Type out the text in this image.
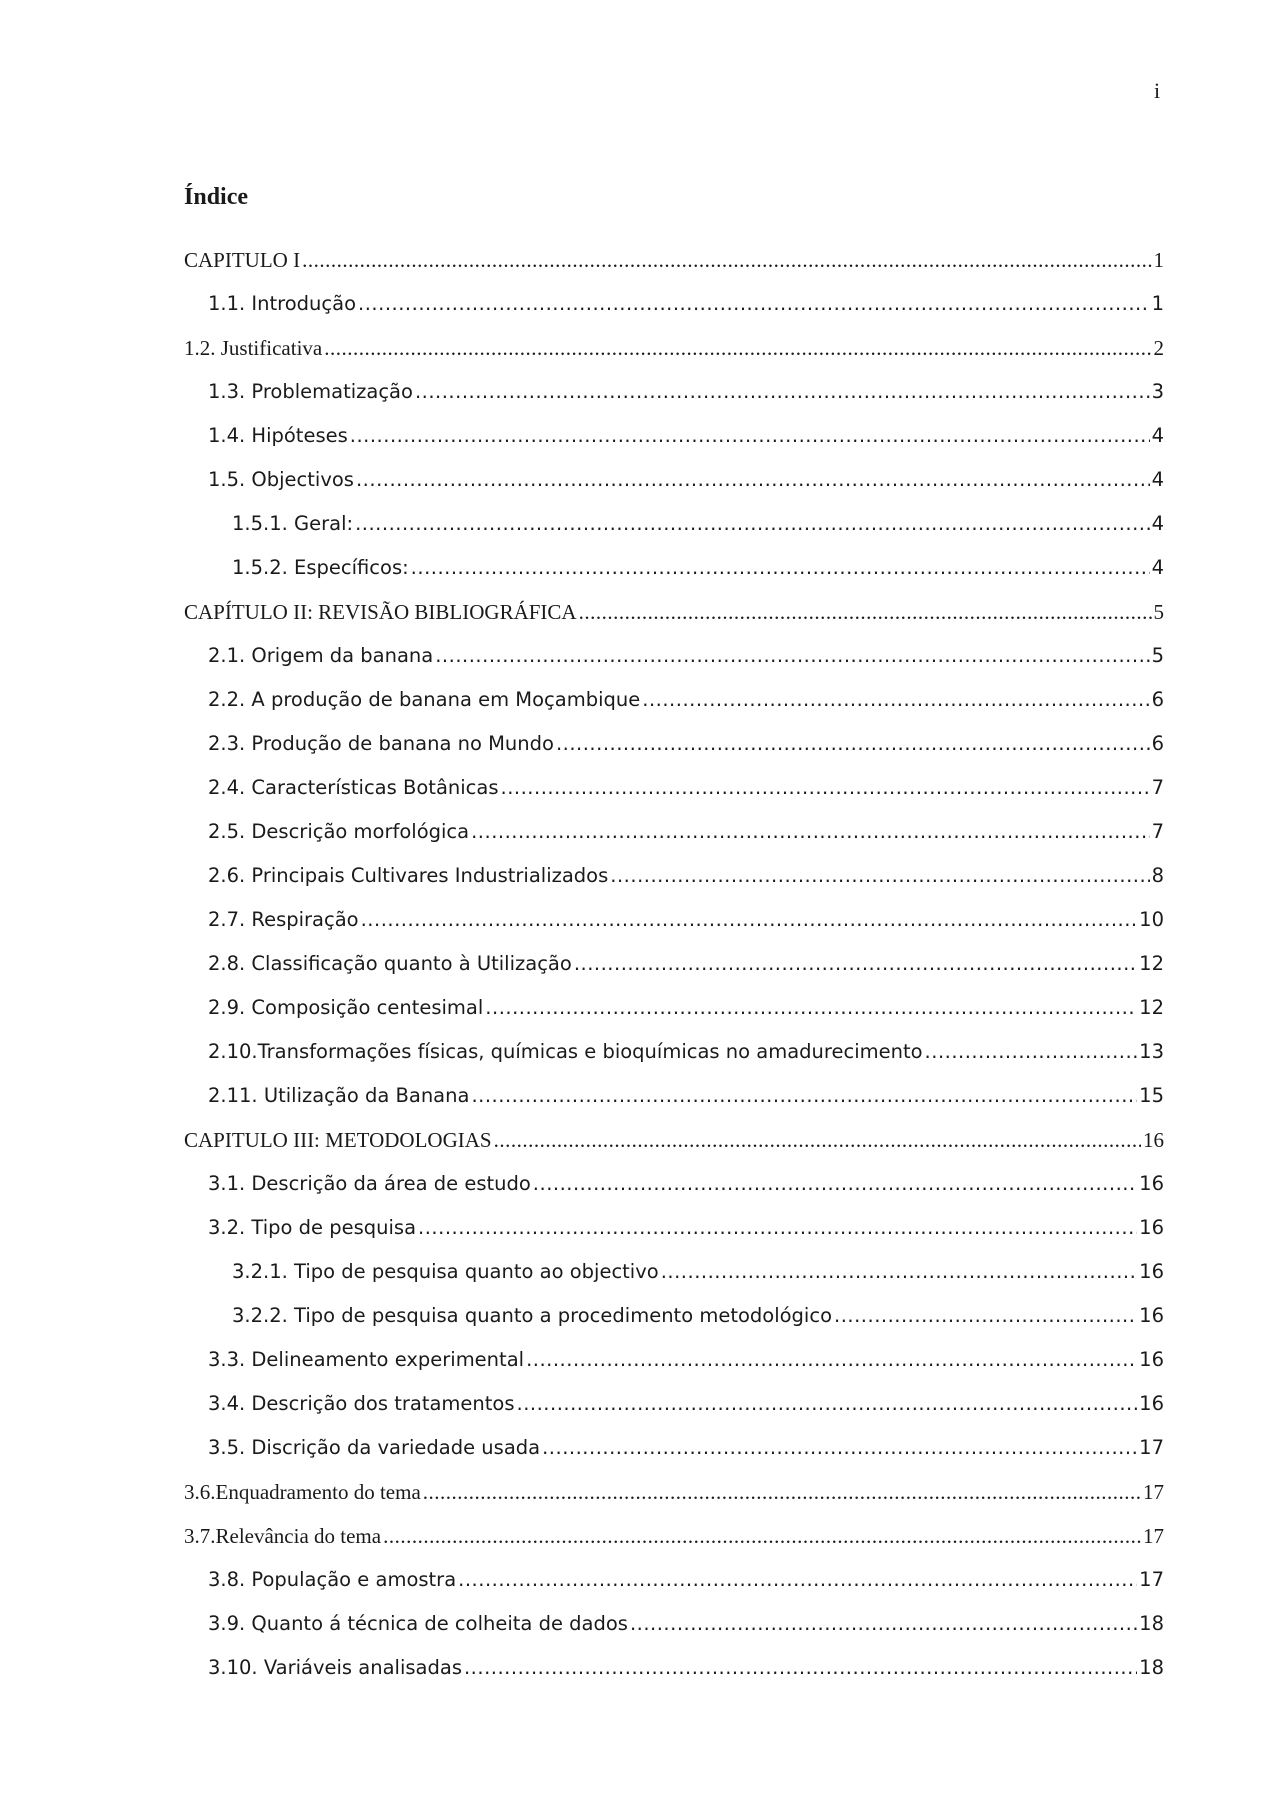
i
Índice
CAPITULO I .....	1
1.1. Introdução .....	1
1.2. Justificativa .....	2
1.3. Problematização .....	3
1.4. Hipóteses .....	4
1.5. Objectivos .....	4
1.5.1. Geral: .....	4
1.5.2. Específicos: .....	4
CAPÍTULO II: REVISÃO BIBLIOGRÁFICA .....	5
2.1. Origem da banana .....	5
2.2. A produção de banana em Moçambique .....	6
2.3. Produção de banana no Mundo .....	6
2.4. Características Botânicas .....	7
2.5. Descrição morfológica .....	7
2.6. Principais Cultivares Industrializados .....	8
2.7. Respiração .....	10
2.8. Classificação quanto à Utilização .....	12
2.9. Composição centesimal .....	12
2.10.Transformações físicas, químicas e bioquímicas no amadurecimento .....	13
2.11. Utilização da Banana .....	15
CAPITULO III: METODOLOGIAS .....	16
3.1. Descrição da área de estudo .....	16
3.2. Tipo de pesquisa .....	16
3.2.1. Tipo de pesquisa quanto ao objectivo .....	16
3.2.2. Tipo de pesquisa quanto a procedimento metodológico .....	16
3.3. Delineamento experimental .....	16
3.4. Descrição dos tratamentos .....	16
3.5. Discrição da variedade usada .....	17
3.6.Enquadramento do tema .....	17
3.7.Relevância do tema .....	17
3.8. População e amostra .....	17
3.9. Quanto á técnica de colheita de dados .....	18
3.10. Variáveis analisadas .....	18
